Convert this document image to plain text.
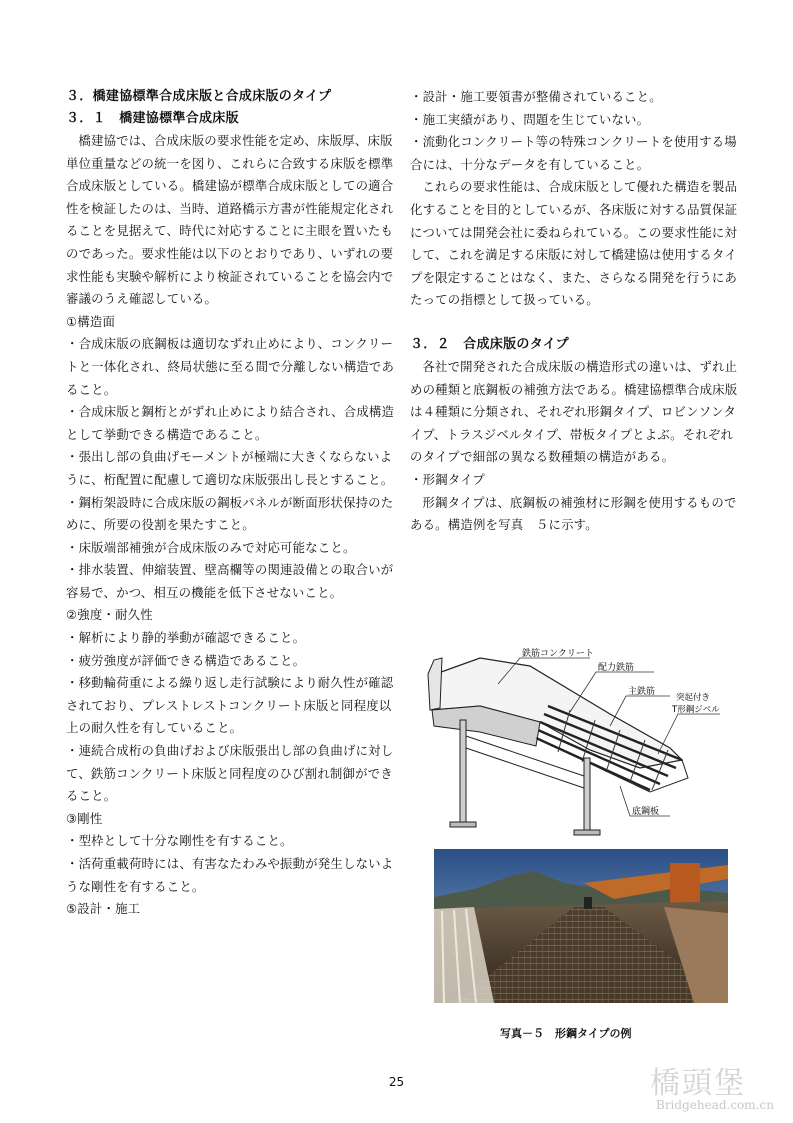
３．橋建協標準合成床版と合成床版のタイプ
３．１　橋建協標準合成床版

橋建協では、合成床版の要求性能を定め、床版厚、床版単位重量などの統一を図り、これらに合致する床版を標準合成床版としている。橋建協が標準合成床版としての適合性を検証したのは、当時、道路橋示方書が性能規定化されることを見据えて、時代に対応することに主眼を置いたものであった。要求性能は以下のとおりであり、いずれの要求性能も実験や解析により検証されていることを協会内で審議のうえ確認している。

①構造面

・合成床版の底鋼板は適切なずれ止めにより、コンクリートと一体化され、終局状態に至る間で分離しない構造であること。

・合成床版と鋼桁とがずれ止めにより結合され、合成構造として挙動できる構造であること。

・張出し部の負曲げモーメントが極端に大きくならないように、桁配置に配慮して適切な床版張出し長とすること。

・鋼桁架設時に合成床版の鋼板パネルが断面形状保持のために、所要の役割を果たすこと。

・床版端部補強が合成床版のみで対応可能なこと。

・排水装置、伸縮装置、壁高欄等の関連設備との取合いが容易で、かつ、相互の機能を低下させないこと。

②強度・耐久性

・解析により静的挙動が確認できること。

・疲労強度が評価できる構造であること。

・移動輪荷重による繰り返し走行試験により耐久性が確認されており、プレストレストコンクリート床版と同程度以上の耐久性を有していること。

・連続合成桁の負曲げおよび床版張出し部の負曲げに対して、鉄筋コンクリート床版と同程度のひび割れ制御ができること。

③剛性

・型枠として十分な剛性を有すること。

・活荷重載荷時には、有害なたわみや振動が発生しないような剛性を有すること。

⑤設計・施工

・設計・施工要領書が整備されていること。

・施工実績があり、問題を生じていない。

・流動化コンクリート等の特殊コンクリートを使用する場合には、十分なデータを有していること。

これらの要求性能は、合成床版として優れた構造を製品化することを目的としているが、各床版に対する品質保証については開発会社に委ねられている。この要求性能に対して、これを満足する床版に対して橋建協は使用するタイプを限定することはなく、また、さらなる開発を行うにあたっての指標として扱っている。

３．２　合成床版のタイプ

各社で開発された合成床版の構造形式の違いは、ずれ止めの種類と底鋼板の補強方法である。橋建協標準合成床版は４種類に分類され、それぞれ形鋼タイプ、ロビンソンタイプ、トラスジベルタイプ、帯板タイプとよぶ。それぞれのタイプで細部の異なる数種類の構造がある。

・形鋼タイプ

形鋼タイプは、底鋼板の補強材に形鋼を使用するものである。構造例を写真　５に示す。

鉄筋コンクリート
配力鉄筋
主鉄筋
突起付き
T形鋼ジベル
底鋼板
写真－５　形鋼タイプの例
25	橋頭堡
Bridgehead.com.cn
